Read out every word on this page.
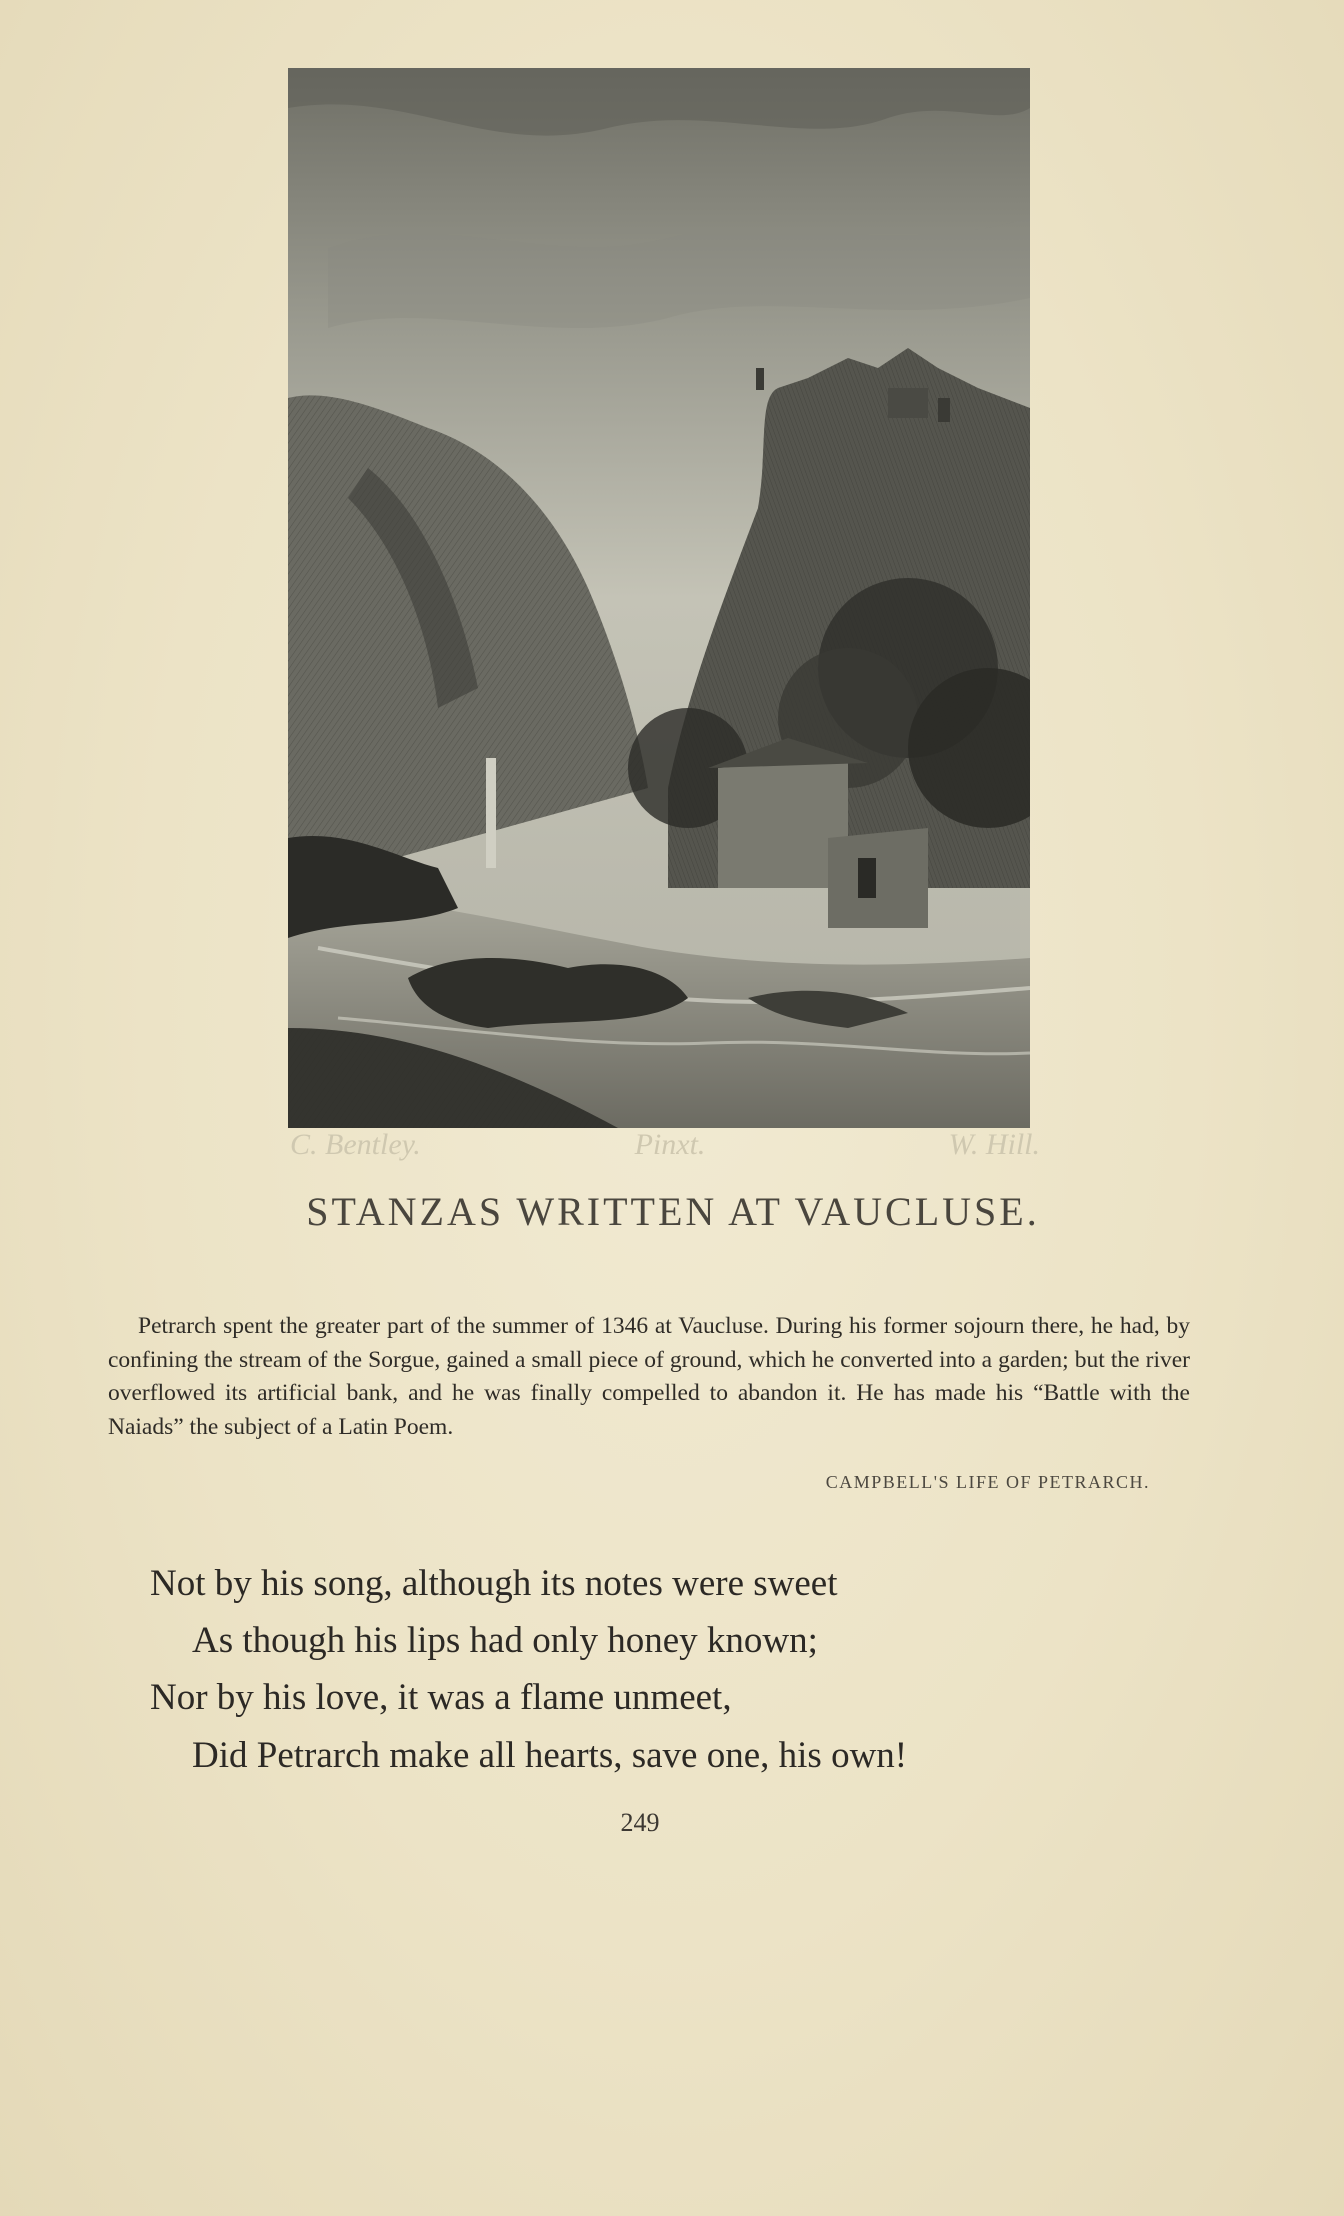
C. Bentley.	Pinxt.	W. Hill.
STANZAS WRITTEN AT VAUCLUSE.
Petrarch spent the greater part of the summer of 1346 at Vaucluse. During his former sojourn there, he had, by confining the stream of the Sorgue, gained a small piece of ground, which he converted into a garden; but the river overflowed its artificial bank, and he was finally compelled to abandon it. He has made his “Battle with the Naiads” the subject of a Latin Poem.
CAMPBELL'S LIFE OF PETRARCH.
Not by his song, although its notes were sweet
As though his lips had only honey known;
Nor by his love, it was a flame unmeet,
Did Petrarch make all hearts, save one, his own!
249
